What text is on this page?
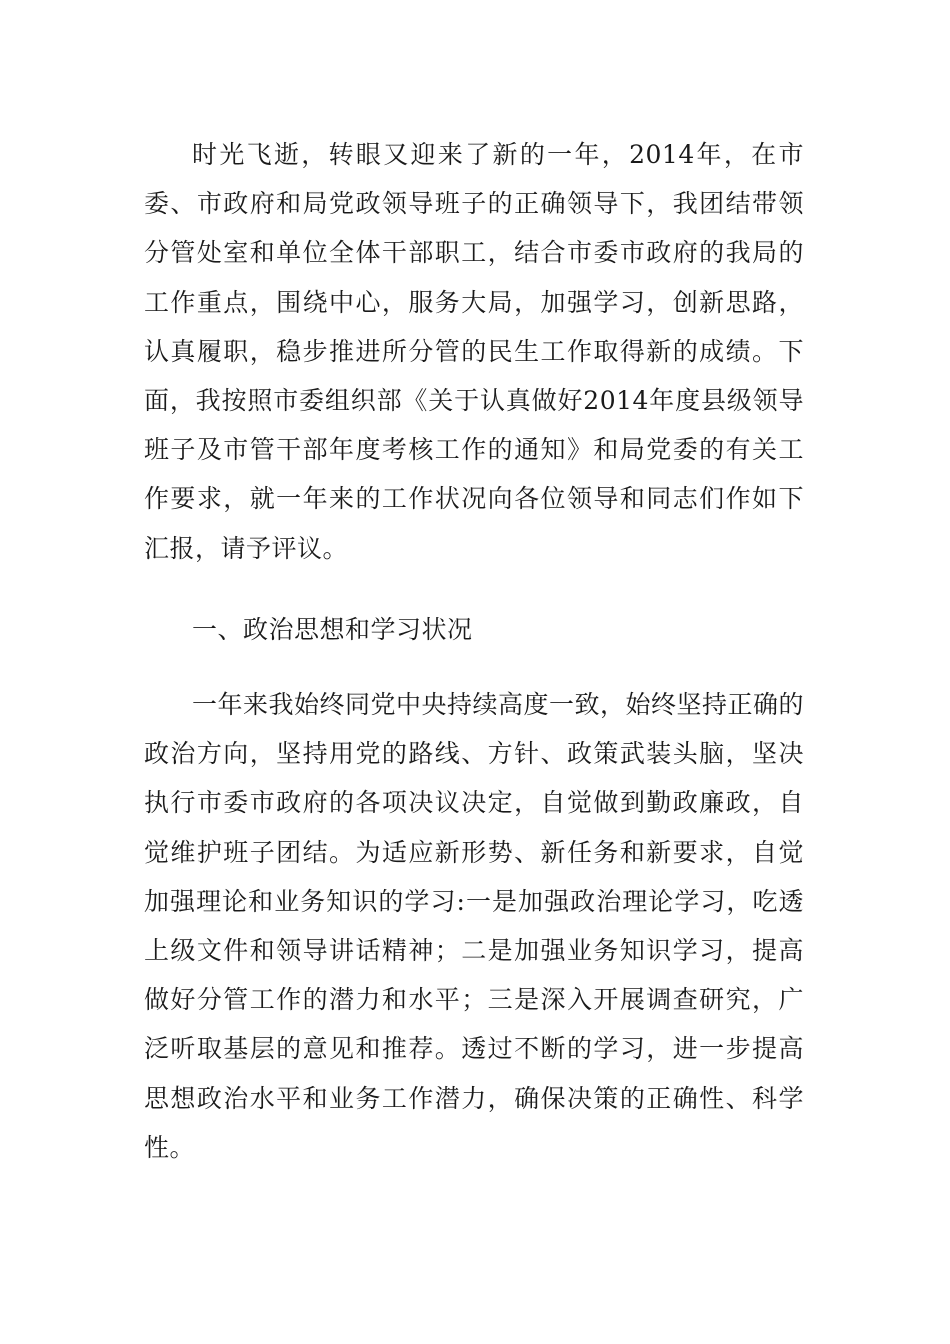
时光飞逝，转眼又迎来了新的一年，2014年，在市委、市政府和局党政领导班子的正确领导下，我团结带领分管处室和单位全体干部职工，结合市委市政府的我局的工作重点，围绕中心，服务大局，加强学习，创新思路，认真履职，稳步推进所分管的民生工作取得新的成绩。下面，我按照市委组织部《关于认真做好2014年度县级领导班子及市管干部年度考核工作的通知》和局党委的有关工作要求，就一年来的工作状况向各位领导和同志们作如下汇报，请予评议。

一、政治思想和学习状况

一年来我始终同党中央持续高度一致，始终坚持正确的政治方向，坚持用党的路线、方针、政策武装头脑，坚决执行市委市政府的各项决议决定，自觉做到勤政廉政，自觉维护班子团结。为适应新形势、新任务和新要求，自觉加强理论和业务知识的学习:一是加强政治理论学习，吃透上级文件和领导讲话精神；二是加强业务知识学习，提高做好分管工作的潜力和水平；三是深入开展调查研究，广泛听取基层的意见和推荐。透过不断的学习，进一步提高思想政治水平和业务工作潜力，确保决策的正确性、科学性。
